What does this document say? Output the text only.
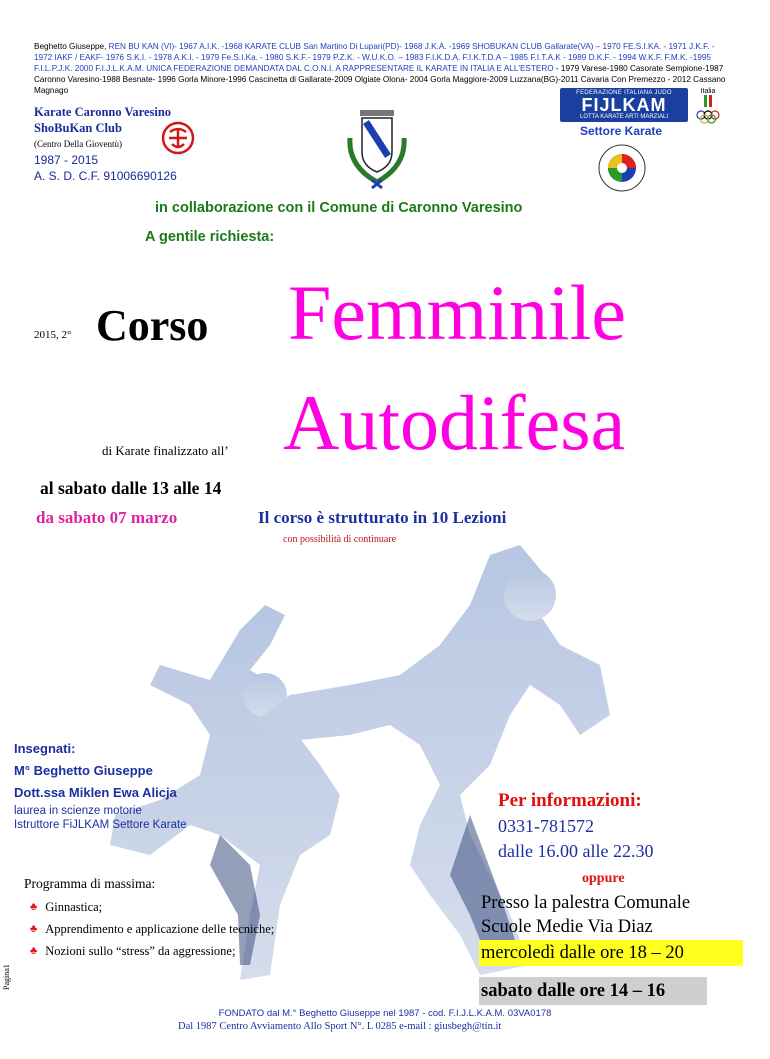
Beghetto Giuseppe, REN BU KAN (VI)- 1967 A.I.K. -1968 KARATE CLUB San Martino Di Lupari(PD)- 1968 J.K.A. -1969 SHOBUKAN CLUB Gallarate(VA) – 1970 FE.S.I.KA. - 1971 J.K.F. - 1972 IAKF / EAKF- 1976 S.K.I. - 1978 A.K.I. - 1979 Fe.S.I.Ka. - 1980 S.K.F.- 1979 P.Z.K. - W.U.K.O. – 1983 F.I.K.D.A. F.I.K.T.D.A – 1985 F.I.T.A.K - 1989 D.K.F. - 1994 W.K.F. F.M.K. -1995 F.I.L.P.J.K. 2000 F.I.J.L.K.A.M. UNICA FEDERAZIONE DEMANDATA DAL C.O.N.I. A RAPPRESENTARE IL KARATE IN ITALIA E ALL'ESTERO - 1979 Varese-1980 Casorate Sempione-1987 Caronno Varesino-1988 Besnate- 1996 Gorla Minore-1996 Cascinetta di Gallarate-2009 Olgiate Olona- 2004 Gorla Maggiore-2009 Luzzana(BG)-2011 Cavaria Con Premezzo - 2012 Cassano Magnago
Karate Caronno Varesino
ShoBuKan Club
(Centro Della Gioventù)
1987 - 2015
A. S. D. C.F. 91006690126
FEDERAZIONE ITALIANA JUDO
FIJLKAM
LOTTA KARATE ARTI MARZIALI
Settore Karate
Italia
in collaborazione con il Comune di Caronno Varesino
A gentile richiesta:
2015, 2° Corso Femminile
di Karate finalizzato all’ Autodifesa
al sabato dalle 13 alle 14
da sabato 07 marzo	Il corso è strutturato in 10 Lezioni
con possibilità di continuare
Insegnati:
M° Beghetto Giuseppe
Dott.ssa Miklen Ewa Alicja
laurea in scienze motorie
Istruttore FiJLKAM Settore Karate
Programma di massima:
♣ Ginnastica;
♣ Apprendimento e applicazione delle tecniche;
♣ Nozioni sullo “stress” da aggressione;
Per informazioni:
0331-781572
dalle 16.00 alle 22.30
oppure
Presso la palestra Comunale
Scuole Medie Via Diaz
mercoledì dalle ore 18 – 20
sabato dalle ore 14 – 16
FONDATO dal M.° Beghetto Giuseppe nel 1987 - cod. F.I.J.L.K.A.M. 03VA0178
Dal 1987 Centro Avviamento Allo Sport N°. L 0285 e-mail : giusbegh@tin.it
Pagina1
